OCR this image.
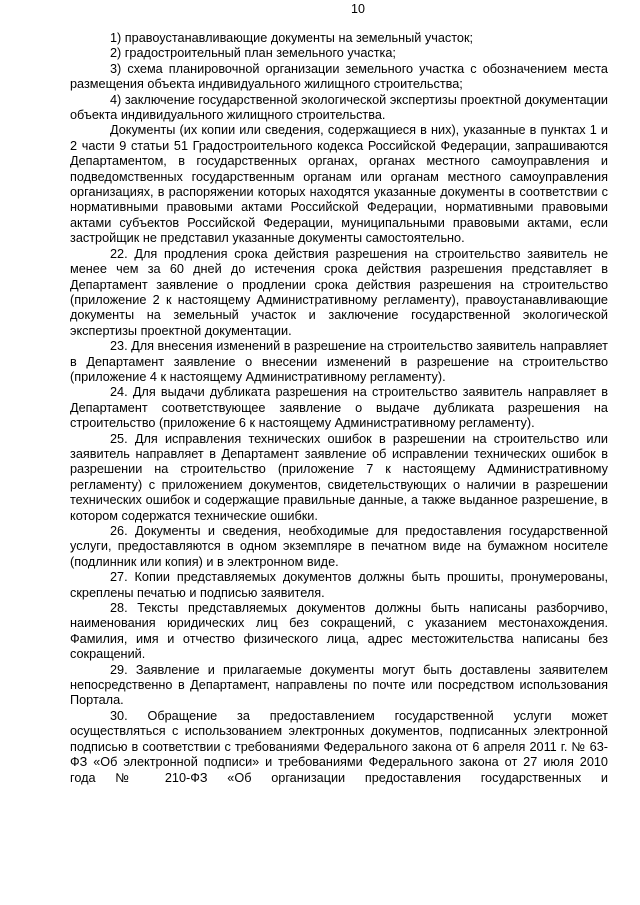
10

1) правоустанавливающие документы на земельный участок;

2) градостроительный план земельного участка;

3) схема планировочной организации земельного участка с обозначением места размещения объекта индивидуального жилищного строительства;

4) заключение государственной экологической экспертизы проектной документации объекта индивидуального жилищного строительства.

Документы (их копии или сведения, содержащиеся в них), указанные в пунктах 1 и 2 части 9 статьи 51 Градостроительного кодекса Российской Федерации, запрашиваются Департаментом, в государственных органах, органах местного самоуправления и подведомственных государственным органам или органам местного самоуправления организациях, в распоряжении которых находятся указанные документы в соответствии с нормативными правовыми актами Российской Федерации, нормативными правовыми актами субъектов Российской Федерации, муниципальными правовыми актами, если застройщик не представил указанные документы самостоятельно.

22. Для продления срока действия разрешения на строительство заявитель не менее чем за 60 дней до истечения срока действия разрешения представляет в Департамент заявление о продлении срока действия разрешения на строительство (приложение 2 к настоящему Административному регламенту), правоустанавливающие документы на земельный участок и заключение государственной экологической экспертизы проектной документации.

23. Для внесения изменений в разрешение на строительство заявитель направляет в Департамент заявление о внесении изменений в разрешение на строительство (приложение 4 к настоящему Административному регламенту).

24. Для выдачи дубликата разрешения на строительство заявитель направляет в Департамент соответствующее заявление о выдаче дубликата разрешения на строительство (приложение 6 к настоящему Административному регламенту).

25. Для исправления технических ошибок в разрешении на строительство или заявитель направляет в Департамент заявление об исправлении технических ошибок в разрешении на строительство (приложение 7 к настоящему Административному регламенту) с приложением документов, свидетельствующих о наличии в разрешении технических ошибок и содержащие правильные данные, а также выданное разрешение, в котором содержатся технические ошибки.

26. Документы и сведения, необходимые для предоставления государственной услуги, предоставляются в одном экземпляре в печатном виде на бумажном носителе (подлинник или копия) и в электронном виде.

27. Копии представляемых документов должны быть прошиты, пронумерованы, скреплены печатью и подписью заявителя.

28. Тексты представляемых документов должны быть написаны разборчиво, наименования юридических лиц без сокращений, с указанием местонахождения. Фамилия, имя и отчество физического лица, адрес местожительства написаны без сокращений.

29. Заявление и прилагаемые документы могут быть доставлены заявителем непосредственно в Департамент, направлены по почте или посредством использования Портала.

30. Обращение за предоставлением государственной услуги может осуществляться с использованием электронных документов, подписанных электронной подписью в соответствии с требованиями Федерального закона от 6 апреля 2011 г. № 63-ФЗ «Об электронной подписи» и требованиями Федерального закона от 27 июля 2010 года № 210-ФЗ «Об организации предоставления государственных и
